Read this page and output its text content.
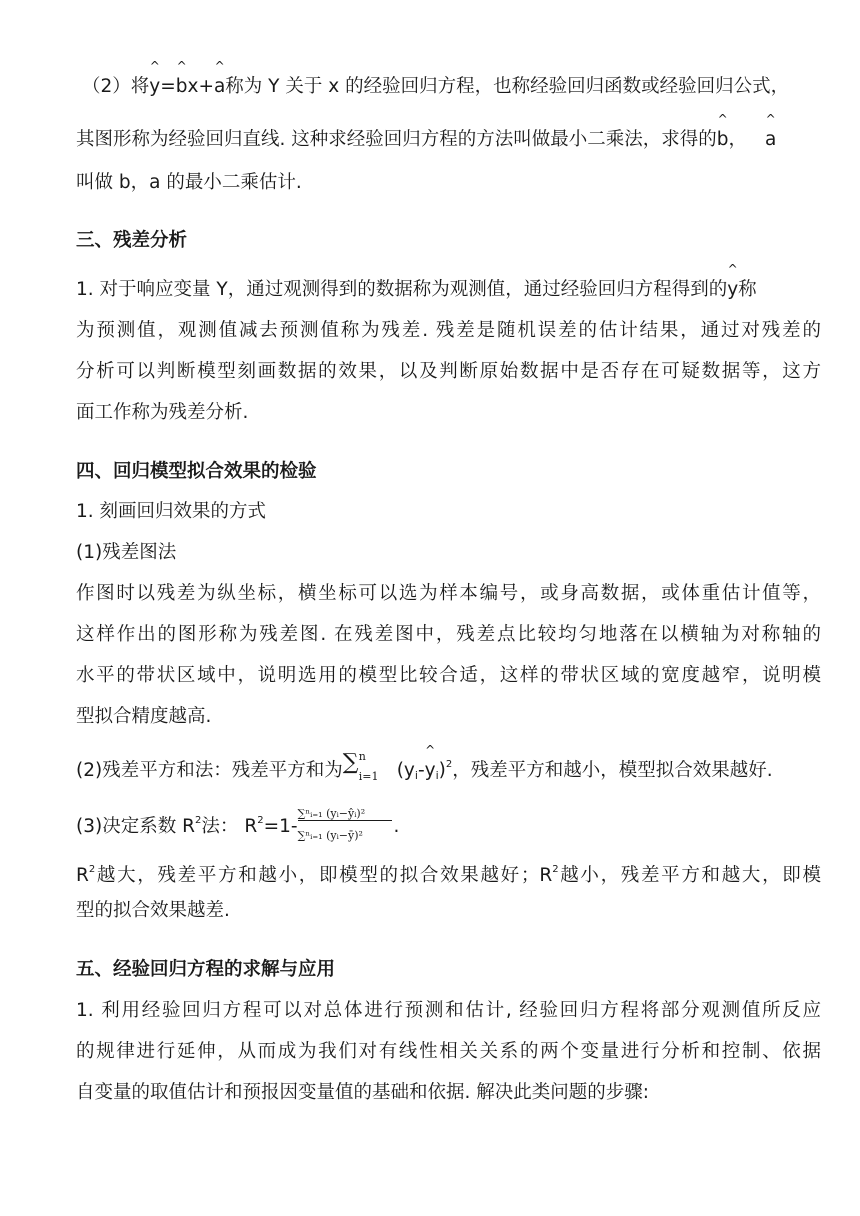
（2）将^ y=^ bx+^ a称为 Y 关于 x 的经验回归方程，也称经验回归函数或经验回归公式，
其图形称为经验回归直线. 这种求经验回归方程的方法叫做最小二乘法，求得的^ b，^ a
叫做 b，a 的最小二乘估计.
三、残差分析
1. 对于响应变量 Y，通过观测得到的数据称为观测值，通过经验回归方程得到的^ y称
为预测值，观测值减去预测值称为残差. 残差是随机误差的估计结果，通过对残差的
分析可以判断模型刻画数据的效果，以及判断原始数据中是否存在可疑数据等，这方
面工作称为残差分析.
四、回归模型拟合效果的检验
1. 刻画回归效果的方式
(1)残差图法
作图时以残差为纵坐标，横坐标可以选为样本编号，或身高数据，或体重估计值等，
这样作出的图形称为残差图. 在残差图中，残差点比较均匀地落在以横轴为对称轴的
水平的带状区域中，说明选用的模型比较合适，这样的带状区域的宽度越窄，说明模
型拟合精度越高.
(2)残差平方和法：残差平方和为 ∑ n
i=1 ($y_i-\^{}$ $y_i)^2$，残差平方和越小，模型拟合效果越好.
(3)决定系数 $R^2$法： $R^2=1- \frac{\text{∑ⁿᵢ₌₁ (yᵢ−ŷᵢ)²}}{\text{∑ⁿᵢ₌₁ (yᵢ−ȳ)²}}$ .
$R^2$越大，残差平方和越小，即模型的拟合效果越好；$R^2$越小，残差平方和越大，即模
型的拟合效果越差.
五、经验回归方程的求解与应用
1. 利用经验回归方程可以对总体进行预测和估计, 经验回归方程将部分观测值所反应
的规律进行延伸，从而成为我们对有线性相关关系的两个变量进行分析和控制、依据
自变量的取值估计和预报因变量值的基础和依据. 解决此类问题的步骤:
